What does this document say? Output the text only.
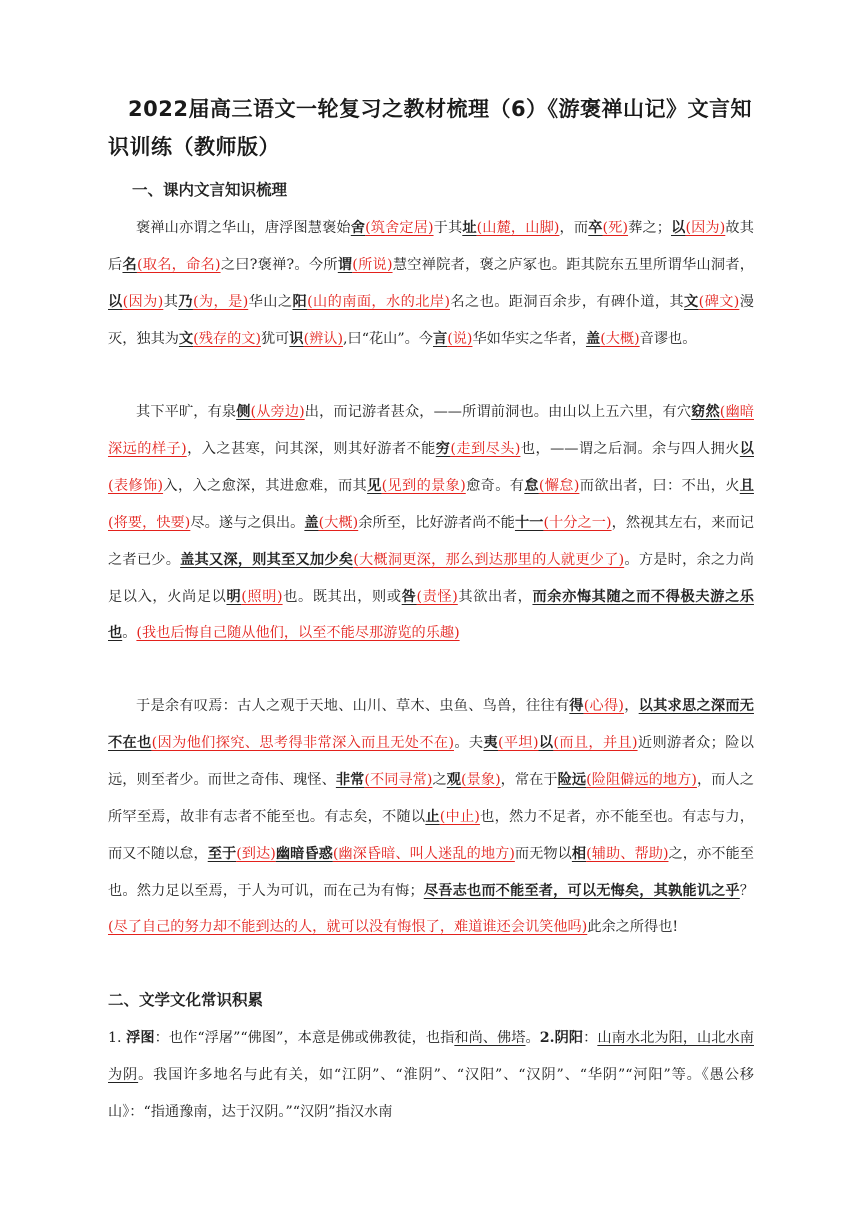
2022届高三语文一轮复习之教材梳理（6）《游褒禅山记》文言知识训练（教师版）
一、课内文言知识梳理
褒禅山亦谓之华山，唐浮图慧褒始舍(筑舍定居)于其址(山麓，山脚)，而卒(死)葬之；以(因为)故其后名(取名，命名)之曰?褒禅?。今所谓(所说)慧空禅院者，褒之庐冢也。距其院东五里所谓华山洞者，以(因为)其乃(为，是)华山之阳(山的南面，水的北岸)名之也。距洞百余步，有碑仆道，其文(碑文)漫灭，独其为文(残存的文)犹可识(辨认),曰“花山”。今言(说)华如华实之华者，盖(大概)音谬也。
其下平旷，有泉侧(从旁边)出，而记游者甚众，——所谓前洞也。由山以上五六里，有穴窈然(幽暗深远的样子)，入之甚寒，问其深，则其好游者不能穷(走到尽头)也，——谓之后洞。余与四人拥火以(表修饰)入，入之愈深，其进愈难，而其见(见到的景象)愈奇。有怠(懈怠)而欲出者，曰：不出，火且(将要，快要)尽。遂与之俱出。盖(大概)余所至，比好游者尚不能十一(十分之一)，然视其左右，来而记之者已少。盖其又深，则其至又加少矣(大概洞更深，那么到达那里的人就更少了)。方是时，余之力尚足以入，火尚足以明(照明)也。既其出，则或咎(责怪)其欲出者，而余亦悔其随之而不得极夫游之乐也。(我也后悔自己随从他们，以至不能尽那游览的乐趣)
于是余有叹焉：古人之观于天地、山川、草木、虫鱼、鸟兽，往往有得(心得)，以其求思之深而无不在也(因为他们探究、思考得非常深入而且无处不在)。夫夷(平坦)以(而且，并且)近则游者众；险以远，则至者少。而世之奇伟、瑰怪、非常(不同寻常)之观(景象)，常在于险远(险阻僻远的地方)，而人之所罕至焉，故非有志者不能至也。有志矣，不随以止(中止)也，然力不足者，亦不能至也。有志与力，而又不随以怠，至于(到达)幽暗昏惑(幽深昏暗、叫人迷乱的地方)而无物以相(辅助、帮助)之，亦不能至也。然力足以至焉，于人为可讥，而在己为有悔；尽吾志也而不能至者，可以无悔矣，其孰能讥之乎？(尽了自己的努力却不能到达的人，就可以没有悔恨了，难道谁还会讥笑他吗)此余之所得也!
二、文学文化常识积累
1. 浮图：也作“浮屠”“佛图”，本意是佛或佛教徒，也指和尚、佛塔。2.阴阳：山南水北为阳，山北水南为阴。我国许多地名与此有关，如“江阴”、“淮阴”、“汉阳”、“汉阴”、“华阴”“河阳”等。《愚公移山》：“指通豫南，达于汉阴。”“汉阴”指汉水南
